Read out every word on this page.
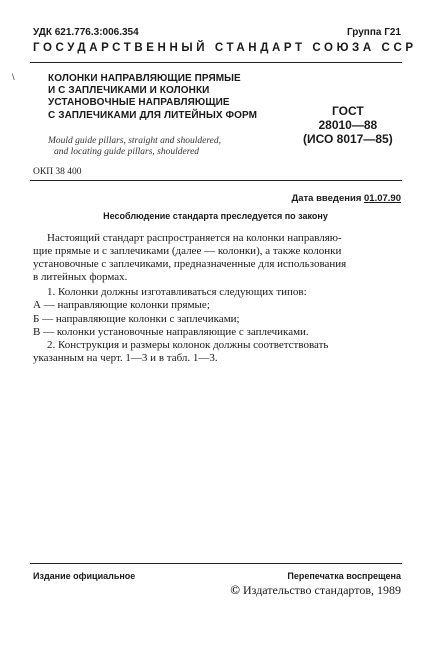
УДК 621.776.3:006.354	Группа Г21
ГОСУДАРСТВЕННЫЙ СТАНДАРТ СОЮЗА ССР
\	КОЛОНКИ НАПРАВЛЯЮЩИЕ ПРЯМЫЕ
И С ЗАПЛЕЧИКАМИ И КОЛОНКИ
УСТАНОВОЧНЫЕ НАПРАВЛЯЮЩИЕ
С ЗАПЛЕЧИКАМИ ДЛЯ ЛИТЕЙНЫХ ФОРМ	ГОСТ
28010—88
(ИСО 8017—85)
Mould guide pillars, straight and shouldered,
and locating guide pillars, shouldered
ОКП 38 400
Дата введения 01.07.90
Несоблюдение стандарта преследуется по закону
Настоящий стандарт распространяется на колонки направляю-
щие прямые и с заплечиками (далее — колонки), а также колонки
установочные с заплечиками, предназначенные для использования
в литейных формах.
1. Колонки должны изготавливаться следующих типов:
А — направляющие колонки прямые;
Б — направляющие колонки с заплечиками;
В — колонки установочные направляющие с заплечиками.
2. Конструкция и размеры колонок должны соответствовать
указанным на черт. 1—3 и в табл. 1—3.
Издание официальное	Перепечатка воспрещена
© Издательство стандартов, 1989
